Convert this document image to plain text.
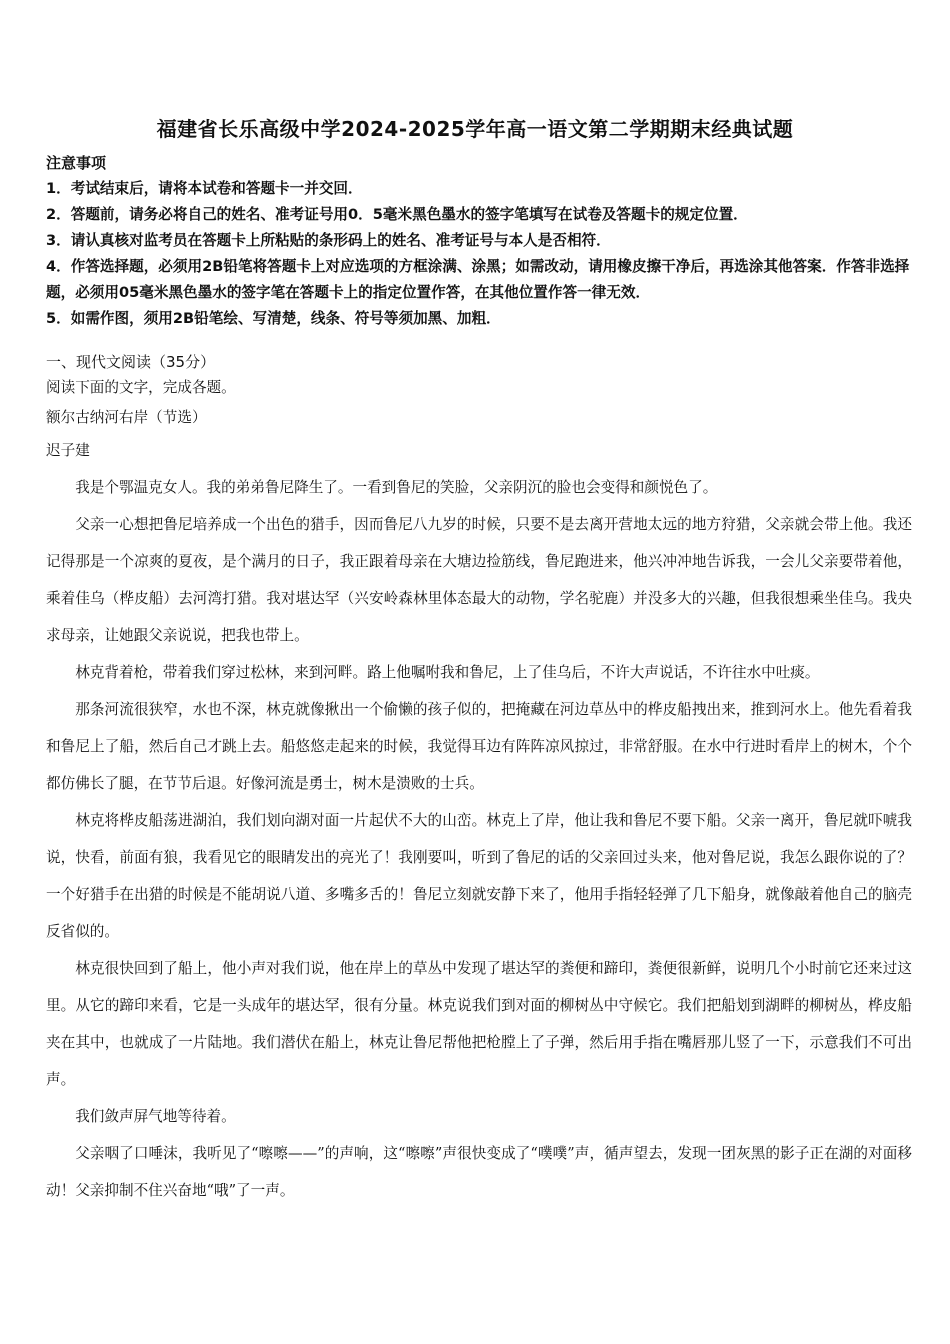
福建省长乐高级中学2024-2025学年高一语文第二学期期末经典试题
注意事项
1．考试结束后，请将本试卷和答题卡一并交回．
2．答题前，请务必将自己的姓名、准考证号用0．5毫米黑色墨水的签字笔填写在试卷及答题卡的规定位置．
3．请认真核对监考员在答题卡上所粘贴的条形码上的姓名、准考证号与本人是否相符．
4．作答选择题，必须用2B铅笔将答题卡上对应选项的方框涂满、涂黑；如需改动，请用橡皮擦干净后，再选涂其他答案．作答非选择题，必须用05毫米黑色墨水的签字笔在答题卡上的指定位置作答，在其他位置作答一律无效．
5．如需作图，须用2B铅笔绘、写清楚，线条、符号等须加黑、加粗．
一、现代文阅读（35分）
阅读下面的文字，完成各题。
额尔古纳河右岸（节选）
迟子建

我是个鄂温克女人。我的弟弟鲁尼降生了。一看到鲁尼的笑脸，父亲阴沉的脸也会变得和颜悦色了。

父亲一心想把鲁尼培养成一个出色的猎手，因而鲁尼八九岁的时候，只要不是去离开营地太远的地方狩猎，父亲就会带上他。我还记得那是一个凉爽的夏夜，是个满月的日子，我正跟着母亲在大塘边捡筋线，鲁尼跑进来，他兴冲冲地告诉我，一会儿父亲要带着他，乘着佳乌（桦皮船）去河湾打猎。我对堪达罕（兴安岭森林里体态最大的动物，学名驼鹿）并没多大的兴趣，但我很想乘坐佳乌。我央求母亲，让她跟父亲说说，把我也带上。

林克背着枪，带着我们穿过松林，来到河畔。路上他嘱咐我和鲁尼，上了佳乌后，不许大声说话，不许往水中吐痰。

那条河流很狭窄，水也不深，林克就像揪出一个偷懒的孩子似的，把掩藏在河边草丛中的桦皮船拽出来，推到河水上。他先看着我和鲁尼上了船，然后自己才跳上去。船悠悠走起来的时候，我觉得耳边有阵阵凉风掠过，非常舒服。在水中行进时看岸上的树木，个个都仿佛长了腿，在节节后退。好像河流是勇士，树木是溃败的士兵。

林克将桦皮船荡进湖泊，我们划向湖对面一片起伏不大的山峦。林克上了岸，他让我和鲁尼不要下船。父亲一离开，鲁尼就吓唬我说，快看，前面有狼，我看见它的眼睛发出的亮光了！我刚要叫，听到了鲁尼的话的父亲回过头来，他对鲁尼说，我怎么跟你说的了？一个好猎手在出猎的时候是不能胡说八道、多嘴多舌的！鲁尼立刻就安静下来了，他用手指轻轻弹了几下船身，就像敲着他自己的脑壳反省似的。

林克很快回到了船上，他小声对我们说，他在岸上的草丛中发现了堪达罕的粪便和蹄印，粪便很新鲜，说明几个小时前它还来过这里。从它的蹄印来看，它是一头成年的堪达罕，很有分量。林克说我们到对面的柳树丛中守候它。我们把船划到湖畔的柳树丛，桦皮船夹在其中，也就成了一片陆地。我们潜伏在船上，林克让鲁尼帮他把枪膛上了子弹，然后用手指在嘴唇那儿竖了一下，示意我们不可出声。

我们敛声屏气地等待着。

父亲咽了口唾沫，我听见了“嚓嚓——”的声响，这“嚓嚓”声很快变成了“噗噗”声，循声望去，发现一团灰黑的影子正在湖的对面移动！父亲抑制不住兴奋地“哦”了一声。
